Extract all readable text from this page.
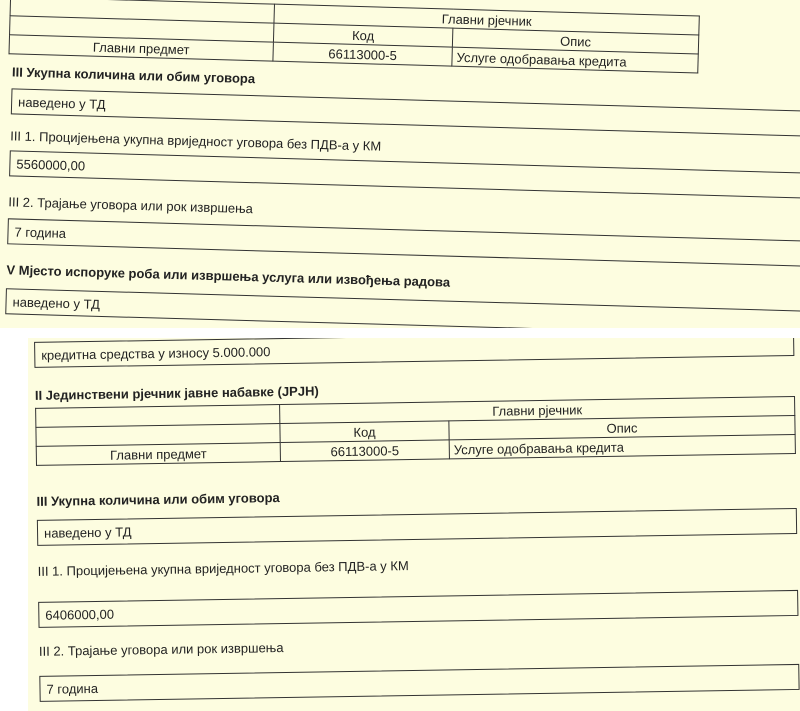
	Главни рјечник	
	Код	Опис
Главни предмет	66113000-5	Услуге одобравања кредита
III Укупна количина или обим уговора
наведено у ТД
III 1. Процијењена укупна вриједност уговора без ПДВ-а у КМ
5560000,00
III 2. Трајање уговора или рок извршења
7 година
V Мјесто испоруке роба или извршења услуга или извођења радова
наведено у ТД
кредитна средства у износу 5.000.000
II Јединствени рјечник јавне набавке (ЈРЈН)
	Главни рјечник	
	Код	Опис
Главни предмет	66113000-5	Услуге одобравања кредита
III Укупна количина или обим уговора
наведено у ТД
III 1. Процијењена укупна вриједност уговора без ПДВ-а у КМ
6406000,00
III 2. Трајање уговора или рок извршења
7 година
